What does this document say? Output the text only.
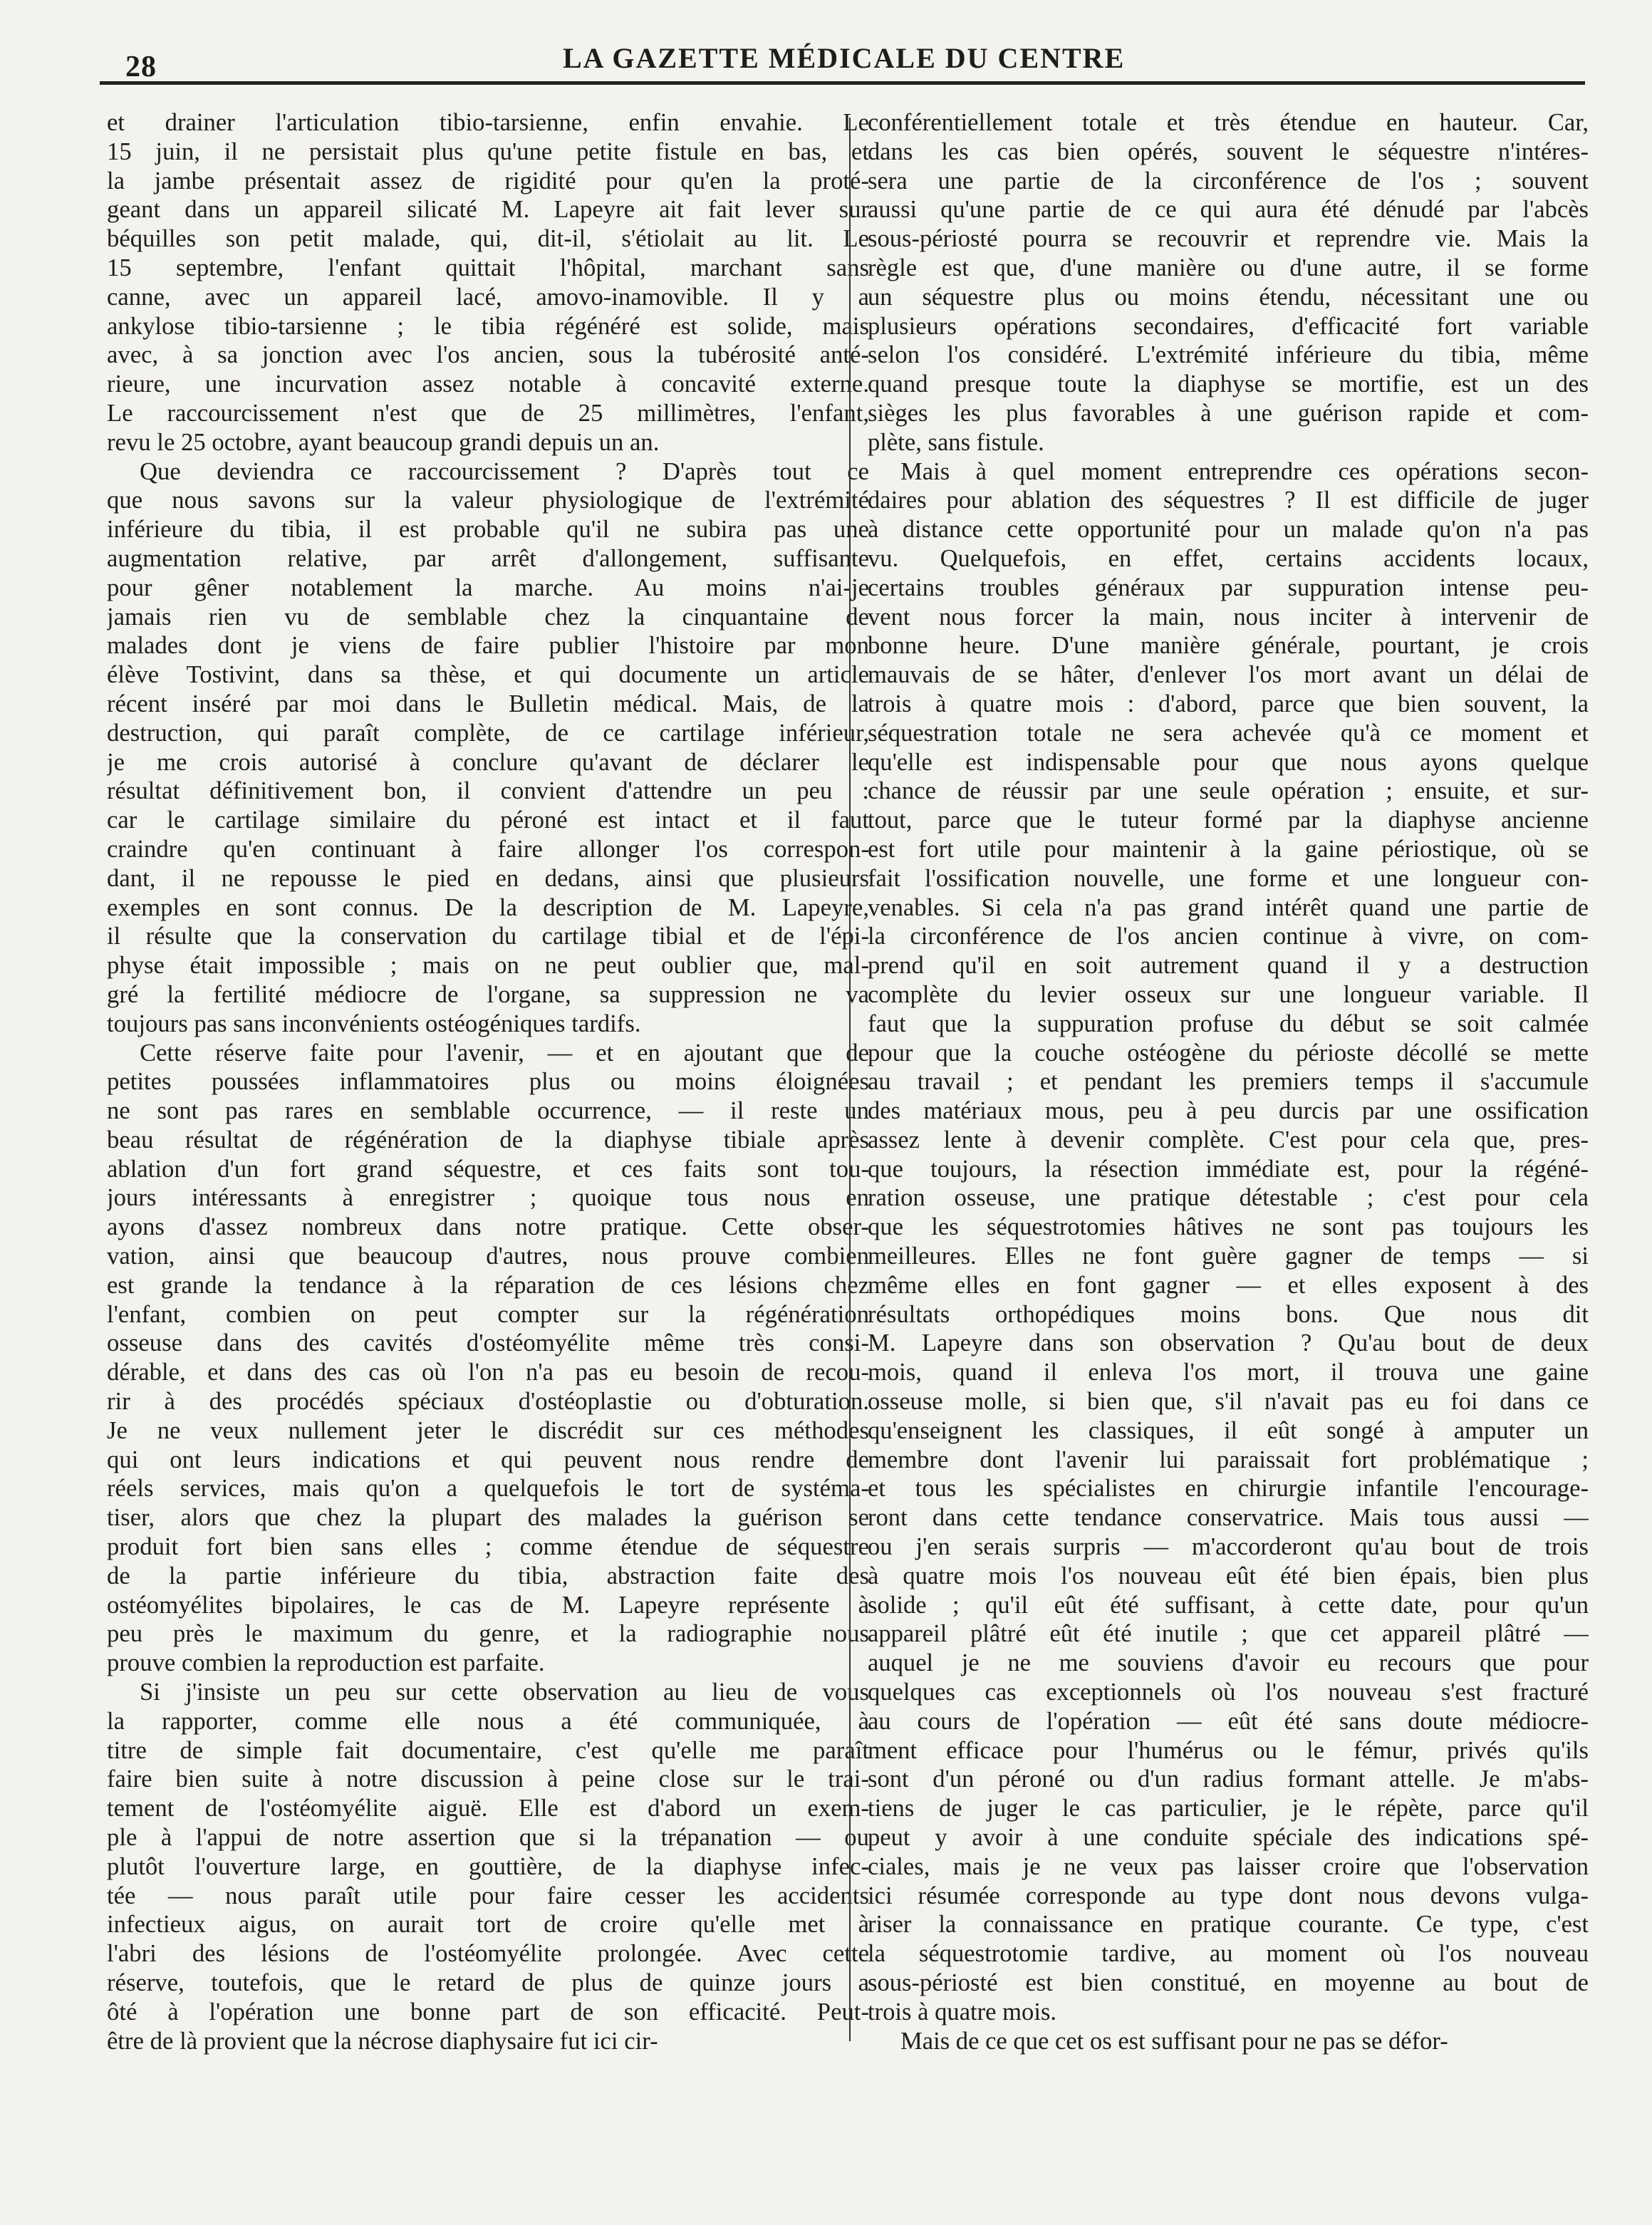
28	LA GAZETTE MÉDICALE DU CENTRE
et drainer l'articulation tibio-tarsienne, enfin envahie. Le
15 juin, il ne persistait plus qu'une petite fistule en bas, et
la jambe présentait assez de rigidité pour qu'en la proté-
geant dans un appareil silicaté M. Lapeyre ait fait lever sur
béquilles son petit malade, qui, dit-il, s'étiolait au lit. Le
15 septembre, l'enfant quittait l'hôpital, marchant sans
canne, avec un appareil lacé, amovo-inamovible. Il y a
ankylose tibio-tarsienne ; le tibia régénéré est solide, mais
avec, à sa jonction avec l'os ancien, sous la tubérosité anté-
rieure, une incurvation assez notable à concavité externe.
Le raccourcissement n'est que de 25 millimètres, l'enfant,
revu le 25 octobre, ayant beaucoup grandi depuis un an.
Que deviendra ce raccourcissement ? D'après tout ce
que nous savons sur la valeur physiologique de l'extrémité
inférieure du tibia, il est probable qu'il ne subira pas une
augmentation relative, par arrêt d'allongement, suffisante
pour gêner notablement la marche. Au moins n'ai-je
jamais rien vu de semblable chez la cinquantaine de
malades dont je viens de faire publier l'histoire par mon
élève Tostivint, dans sa thèse, et qui documente un article
récent inséré par moi dans le Bulletin médical. Mais, de la
destruction, qui paraît complète, de ce cartilage inférieur,
je me crois autorisé à conclure qu'avant de déclarer le
résultat définitivement bon, il convient d'attendre un peu :
car le cartilage similaire du péroné est intact et il faut
craindre qu'en continuant à faire allonger l'os correspon-
dant, il ne repousse le pied en dedans, ainsi que plusieurs
exemples en sont connus. De la description de M. Lapeyre,
il résulte que la conservation du cartilage tibial et de l'épi-
physe était impossible ; mais on ne peut oublier que, mal-
gré la fertilité médiocre de l'organe, sa suppression ne va
toujours pas sans inconvénients ostéogéniques tardifs.
Cette réserve faite pour l'avenir, — et en ajoutant que de
petites poussées inflammatoires plus ou moins éloignées
ne sont pas rares en semblable occurrence, — il reste un
beau résultat de régénération de la diaphyse tibiale après
ablation d'un fort grand séquestre, et ces faits sont tou-
jours intéressants à enregistrer ; quoique tous nous en
ayons d'assez nombreux dans notre pratique. Cette obser-
vation, ainsi que beaucoup d'autres, nous prouve combien
est grande la tendance à la réparation de ces lésions chez
l'enfant, combien on peut compter sur la régénération
osseuse dans des cavités d'ostéomyélite même très consi-
dérable, et dans des cas où l'on n'a pas eu besoin de recou-
rir à des procédés spéciaux d'ostéoplastie ou d'obturation.
Je ne veux nullement jeter le discrédit sur ces méthodes
qui ont leurs indications et qui peuvent nous rendre de
réels services, mais qu'on a quelquefois le tort de systéma-
tiser, alors que chez la plupart des malades la guérison se
produit fort bien sans elles ; comme étendue de séquestre
de la partie inférieure du tibia, abstraction faite des
ostéomyélites bipolaires, le cas de M. Lapeyre représente à
peu près le maximum du genre, et la radiographie nous
prouve combien la reproduction est parfaite.
Si j'insiste un peu sur cette observation au lieu de vous
la rapporter, comme elle nous a été communiquée, à
titre de simple fait documentaire, c'est qu'elle me paraît
faire bien suite à notre discussion à peine close sur le trai-
tement de l'ostéomyélite aiguë. Elle est d'abord un exem-
ple à l'appui de notre assertion que si la trépanation — ou
plutôt l'ouverture large, en gouttière, de la diaphyse infec-
tée — nous paraît utile pour faire cesser les accidents
infectieux aigus, on aurait tort de croire qu'elle met à
l'abri des lésions de l'ostéomyélite prolongée. Avec cette
réserve, toutefois, que le retard de plus de quinze jours a
ôté à l'opération une bonne part de son efficacité. Peut-
être de là provient que la nécrose diaphysaire fut ici cir-
conférentiellement totale et très étendue en hauteur. Car,
dans les cas bien opérés, souvent le séquestre n'intéres-
sera une partie de la circonférence de l'os ; souvent
aussi qu'une partie de ce qui aura été dénudé par l'abcès
sous-périosté pourra se recouvrir et reprendre vie. Mais la
règle est que, d'une manière ou d'une autre, il se forme
un séquestre plus ou moins étendu, nécessitant une ou
plusieurs opérations secondaires, d'efficacité fort variable
selon l'os considéré. L'extrémité inférieure du tibia, même
quand presque toute la diaphyse se mortifie, est un des
sièges les plus favorables à une guérison rapide et com-
plète, sans fistule.
Mais à quel moment entreprendre ces opérations secon-
daires pour ablation des séquestres ? Il est difficile de juger
à distance cette opportunité pour un malade qu'on n'a pas
vu. Quelquefois, en effet, certains accidents locaux,
certains troubles généraux par suppuration intense peu-
vent nous forcer la main, nous inciter à intervenir de
bonne heure. D'une manière générale, pourtant, je crois
mauvais de se hâter, d'enlever l'os mort avant un délai de
trois à quatre mois : d'abord, parce que bien souvent, la
séquestration totale ne sera achevée qu'à ce moment et
qu'elle est indispensable pour que nous ayons quelque
chance de réussir par une seule opération ; ensuite, et sur-
tout, parce que le tuteur formé par la diaphyse ancienne
est fort utile pour maintenir à la gaine périostique, où se
fait l'ossification nouvelle, une forme et une longueur con-
venables. Si cela n'a pas grand intérêt quand une partie de
la circonférence de l'os ancien continue à vivre, on com-
prend qu'il en soit autrement quand il y a destruction
complète du levier osseux sur une longueur variable. Il
faut que la suppuration profuse du début se soit calmée
pour que la couche ostéogène du périoste décollé se mette
au travail ; et pendant les premiers temps il s'accumule
des matériaux mous, peu à peu durcis par une ossification
assez lente à devenir complète. C'est pour cela que, pres-
que toujours, la résection immédiate est, pour la régéné-
ration osseuse, une pratique détestable ; c'est pour cela
que les séquestrotomies hâtives ne sont pas toujours les
meilleures. Elles ne font guère gagner de temps — si
même elles en font gagner — et elles exposent à des
résultats orthopédiques moins bons. Que nous dit
M. Lapeyre dans son observation ? Qu'au bout de deux
mois, quand il enleva l'os mort, il trouva une gaine
osseuse molle, si bien que, s'il n'avait pas eu foi dans ce
qu'enseignent les classiques, il eût songé à amputer un
membre dont l'avenir lui paraissait fort problématique ;
et tous les spécialistes en chirurgie infantile l'encourage-
ront dans cette tendance conservatrice. Mais tous aussi —
ou j'en serais surpris — m'accorderont qu'au bout de trois
à quatre mois l'os nouveau eût été bien épais, bien plus
solide ; qu'il eût été suffisant, à cette date, pour qu'un
appareil plâtré eût été inutile ; que cet appareil plâtré —
auquel je ne me souviens d'avoir eu recours que pour
quelques cas exceptionnels où l'os nouveau s'est fracturé
au cours de l'opération — eût été sans doute médiocre-
ment efficace pour l'humérus ou le fémur, privés qu'ils
sont d'un péroné ou d'un radius formant attelle. Je m'abs-
tiens de juger le cas particulier, je le répète, parce qu'il
peut y avoir à une conduite spéciale des indications spé-
ciales, mais je ne veux pas laisser croire que l'observation
ici résumée corresponde au type dont nous devons vulga-
riser la connaissance en pratique courante. Ce type, c'est
la séquestrotomie tardive, au moment où l'os nouveau
sous-périosté est bien constitué, en moyenne au bout de
trois à quatre mois.
Mais de ce que cet os est suffisant pour ne pas se défor-
